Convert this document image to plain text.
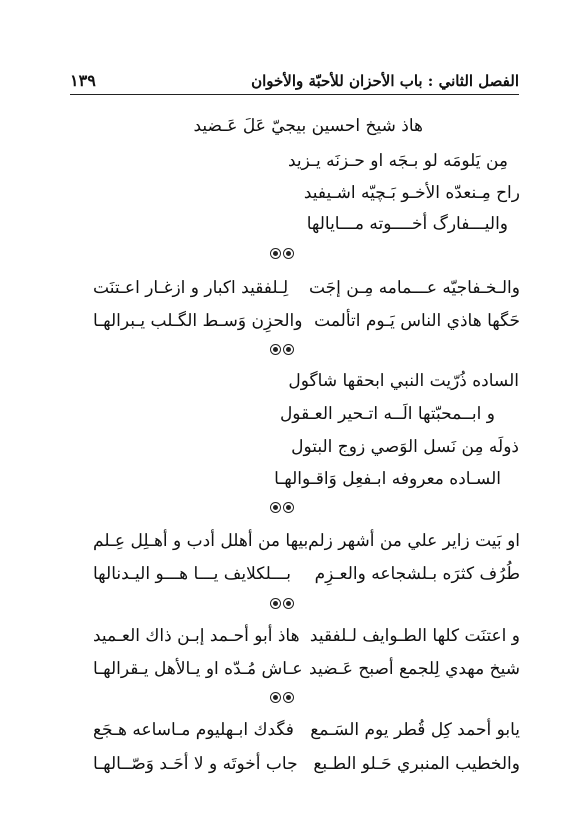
الفصل الثاني : باب الأحزان للأحبّة والأخوان
١٣٩
هاذ شيخ احسين بيجيّ عَلَ عَـضيد
مِن يَلومَه لو بـجَه او حـزنَه يـزيد
راح مِـنعدّه الأخـو بَـچيّه اشـيفيد
واليـــفارگ أخــــوته مـــايالها
والـخـفاجيّه عـــمامه مِـن إجَت
لِـلفقيد اكبار و ازغـار اعـتنَت
حَگها هاذي الناس يَـوم اتألمت
والحزِن وَسـط الگـلب يـبرالهـا
الساده ذُرّيت النبي ابحقها شاگول
و ابــمحبّتها الَــه اتـحير العـقول
ذولَه مِن نَسل الوَصي زوج البتول
السـاده معروفه ابـفعِل وَاقـوالهـا
او بَيت زاير علي من أشهر زلم
بيها من أهلل أدب و أهـلِل عِـلم
طُرُف كثرَه بـلشجاعه والعـزِم
بـــلكلايف يـــا هـــو اليـدنالها
و اعتنَت كلها الطـوايف لـلفقيد
هاذ أبو أحـمد إبـن ذاك العـميد
شيخ مهدي لِلجمع أصبح عَـضيد
عـاش مُـدّه او يـالأهل يـقرالهـا
يابو أحمد كِل قُطر يوم السَـمع
فگدك ابـهليوم مـاساعه هـجَع
والخطيب المنبري حَـلو الطـبع
جاب أخوتَه و لا أحَـد وَصّــالهـا
